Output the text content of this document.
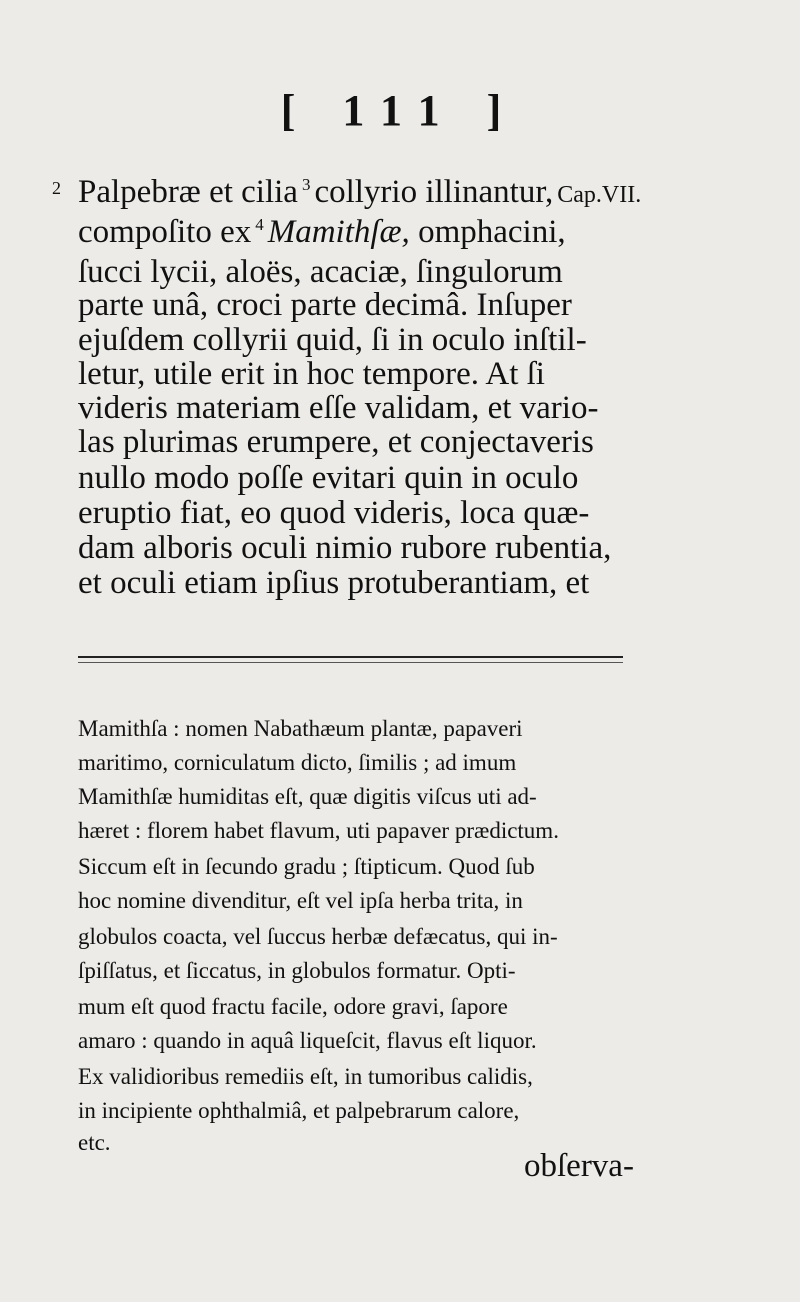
[ 111 ]
2 Palpebræ et cilia $^3$ collyrio illinantur, Cap.VII.
compoſito ex $^4$ Mamithſæ, omphacini,
ſucci lycii, aloës, acaciæ, ſingulorum
parte unâ, croci parte decimâ. Inſuper
ejuſdem collyrii quid, ſi in oculo inſtil-
letur, utile erit in hoc tempore. At ſi
videris materiam eſſe validam, et vario-
las plurimas erumpere, et conjectaveris
nullo modo poſſe evitari quin in oculo
eruptio fiat, eo quod videris, loca quæ-
dam alboris oculi nimio rubore rubentia,
et oculi etiam ipſius protuberantiam, et
Mamithſa : nomen Nabathæum plantæ, papaveri
maritimo, corniculatum dicto, ſimilis ; ad imum
Mamithſæ humiditas eſt, quæ digitis viſcus uti ad-
hæret : florem habet flavum, uti papaver prædictum.
Siccum eſt in ſecundo gradu ; ſtipticum. Quod ſub
hoc nomine divenditur, eſt vel ipſa herba trita, in
globulos coacta, vel ſuccus herbæ defæcatus, qui in-
ſpiſſatus, et ſiccatus, in globulos formatur. Opti-
mum eſt quod fractu facile, odore gravi, ſapore
amaro : quando in aquâ liqueſcit, flavus eſt liquor.
Ex validioribus remediis eſt, in tumoribus calidis,
in incipiente ophthalmiâ, et palpebrarum calore,
etc.
obſerva-
